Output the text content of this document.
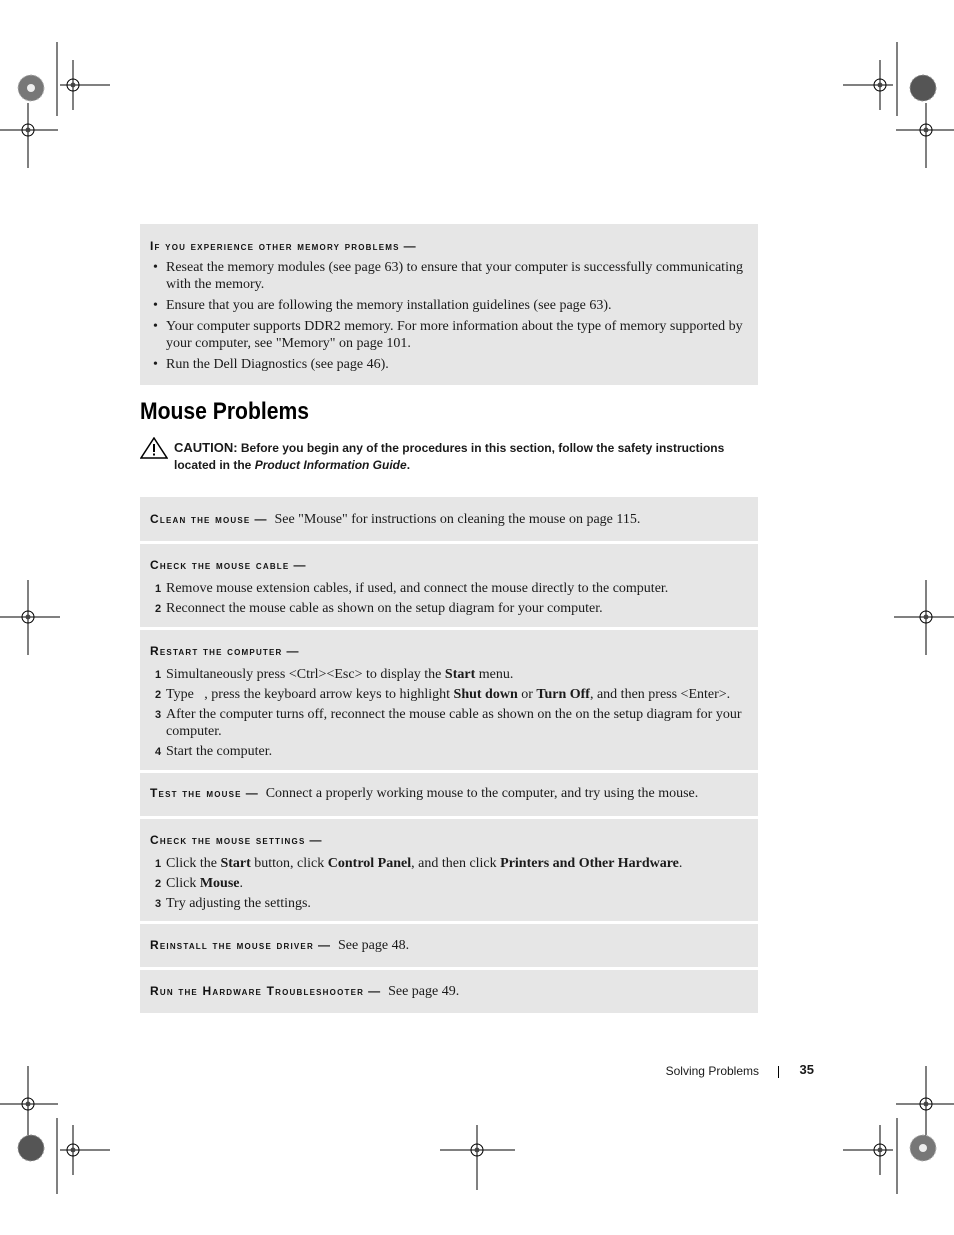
If you experience other memory problems —
• Reseat the memory modules (see page 63) to ensure that your computer is successfully communicating with the memory.
• Ensure that you are following the memory installation guidelines (see page 63).
• Your computer supports DDR2 memory. For more information about the type of memory supported by your computer, see "Memory" on page 101.
• Run the Dell Diagnostics (see page 46).
Mouse Problems
CAUTION: Before you begin any of the procedures in this section, follow the safety instructions located in the Product Information Guide.
Clean the mouse — See "Mouse" for instructions on cleaning the mouse on page 115.
Check the mouse cable —
1 Remove mouse extension cables, if used, and connect the mouse directly to the computer.
2 Reconnect the mouse cable as shown on the setup diagram for your computer.
Restart the computer —
1 Simultaneously press <Ctrl><Esc> to display the Start menu.
2 Type , press the keyboard arrow keys to highlight Shut down or Turn Off, and then press <Enter>.
3 After the computer turns off, reconnect the mouse cable as shown on the on the setup diagram for your computer.
4 Start the computer.
Test the mouse — Connect a properly working mouse to the computer, and try using the mouse.
Check the mouse settings —
1 Click the Start button, click Control Panel, and then click Printers and Other Hardware.
2 Click Mouse.
3 Try adjusting the settings.
Reinstall the mouse driver — See page 48.
Run the Hardware Troubleshooter — See page 49.
Solving Problems	35
